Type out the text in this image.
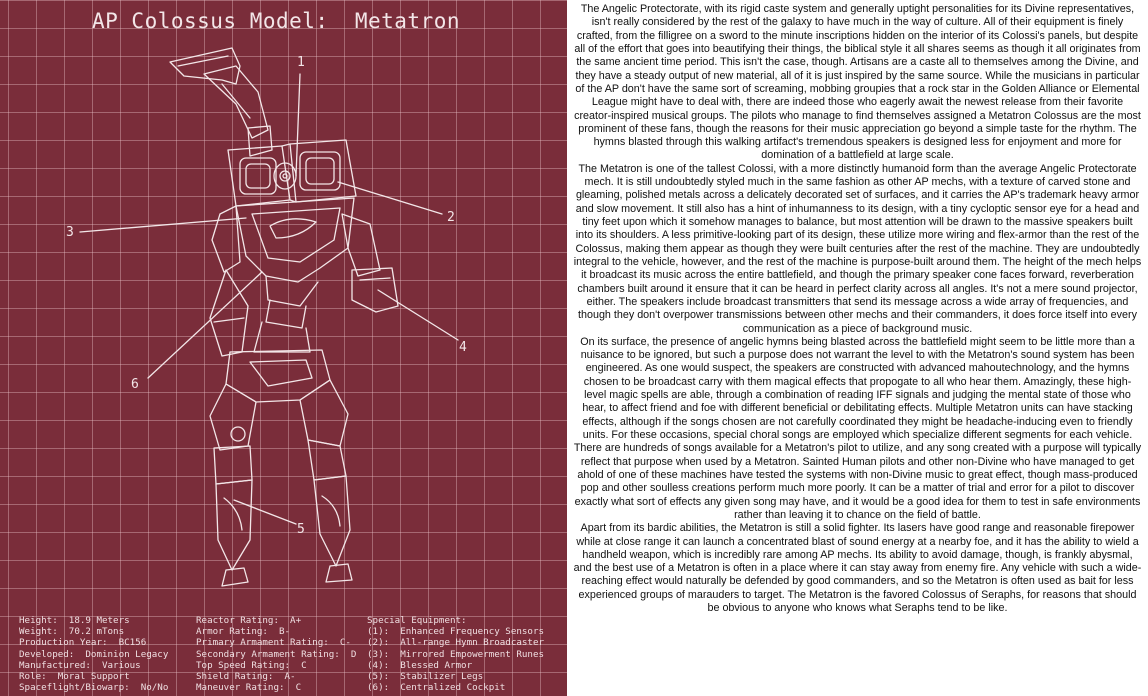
AP Colossus Model:  Metatron
1
2
3
4
5
6
Height:  18.9 Meters
Weight:  70.2 mTons
Production Year:  BC156
Developed:  Dominion Legacy
Manufactured:  Various
Role:  Moral Support
Spaceflight/Biowarp:  No/No
Reactor Rating:  A+
Armor Rating:  B-
Primary Armament Rating:  C-
Secondary Armament Rating:  D
Top Speed Rating:  C
Shield Rating:  A-
Maneuver Rating:  C
Special Equipment:
(1):  Enhanced Frequency Sensors
(2):  All-range Hymn Broadcaster
(3):  Mirrored Empowerment Runes
(4):  Blessed Armor
(5):  Stabilizer Legs
(6):  Centralized Cockpit

The Angelic Protectorate, with its rigid caste system and generally uptight personalities for its Divine representatives, isn't really considered by the rest of the galaxy to have much in the way of culture. All of their equipment is finely crafted, from the filligree on a sword to the minute inscriptions hidden on the interior of its Colossi's panels, but despite all of the effort that goes into beautifying their things, the biblical style it all shares seems as though it all originates from the same ancient time period. This isn't the case, though. Artisans are a caste all to themselves among the Divine, and they have a steady output of new material, all of it is just inspired by the same source. While the musicians in particular of the AP don't have the same sort of screaming, mobbing groupies that a rock star in the Golden Alliance or Elemental League might have to deal with, there are indeed those who eagerly await the newest release from their favorite creator-inspired musical groups. The pilots who manage to find themselves assigned a Metatron Colossus are the most prominent of these fans, though the reasons for their music appreciation go beyond a simple taste for the rhythm. The hymns blasted through this walking artifact's tremendous speakers is designed less for enjoyment and more for domination of a battlefield at large scale.

The Metatron is one of the tallest Colossi, with a more distinctly humanoid form than the average Angelic Protectorate mech. It is still undoubtedly styled much in the same fashion as other AP mechs, with a texture of carved stone and gleaming, polished metals across a delicately decorated set of surfaces, and it carries the AP's trademark heavy armor and slow movement. It still also has a hint of inhumanness to its design, with a tiny cycloptic sensor eye for a head and tiny feet upon which it somehow manages to balance, but most attention will be drawn to the massive speakers built into its shoulders. A less primitive-looking part of its design, these utilize more wiring and flex-armor than the rest of the Colossus, making them appear as though they were built centuries after the rest of the machine. They are undoubtedly integral to the vehicle, however, and the rest of the machine is purpose-built around them. The height of the mech helps it broadcast its music across the entire battlefield, and though the primary speaker cone faces forward, reverberation chambers built around it ensure that it can be heard in perfect clarity across all angles. It's not a mere sound projector, either. The speakers include broadcast transmitters that send its message across a wide array of frequencies, and though they don't overpower transmissions between other mechs and their commanders, it does force itself into every communication as a piece of background music.

On its surface, the presence of angelic hymns being blasted across the battlefield might seem to be little more than a nuisance to be ignored, but such a purpose does not warrant the level to with the Metatron's sound system has been engineered. As one would suspect, the speakers are constructed with advanced mahoutechnology, and the hymns chosen to be broadcast carry with them magical effects that propogate to all who hear them. Amazingly, these high-level magic spells are able, through a combination of reading IFF signals and judging the mental state of those who hear, to affect friend and foe with different beneficial or debilitating effects. Multiple Metatron units can have stacking effects, although if the songs chosen are not carefully coordinated they might be headache-inducing even to friendly units. For these occasions, special choral songs are employed which specialize different segments for each vehicle. There are hundreds of songs available for a Metatron's pilot to utilize, and any song created with a purpose will typically reflect that purpose when used by a Metatron. Sainted Human pilots and other non-Divine who have managed to get ahold of one of these machines have tested the systems with non-Divine music to great effect, though mass-produced pop and other soulless creations perform much more poorly. It can be a matter of trial and error for a pilot to discover exactly what sort of effects any given song may have, and it would be a good idea for them to test in safe environments rather than leaving it to chance on the field of battle.

Apart from its bardic abilities, the Metatron is still a solid fighter. Its lasers have good range and reasonable firepower while at close range it can launch a concentrated blast of sound energy at a nearby foe, and it has the ability to wield a handheld weapon, which is incredibly rare among AP mechs. Its ability to avoid damage, though, is frankly abysmal, and the best use of a Metatron is often in a place where it can stay away from enemy fire. Any vehicle with such a wide-reaching effect would naturally be defended by good commanders, and so the Metatron is often used as bait for less experienced groups of marauders to target. The Metatron is the favored Colossus of Seraphs, for reasons that should be obvious to anyone who knows what Seraphs tend to be like.
